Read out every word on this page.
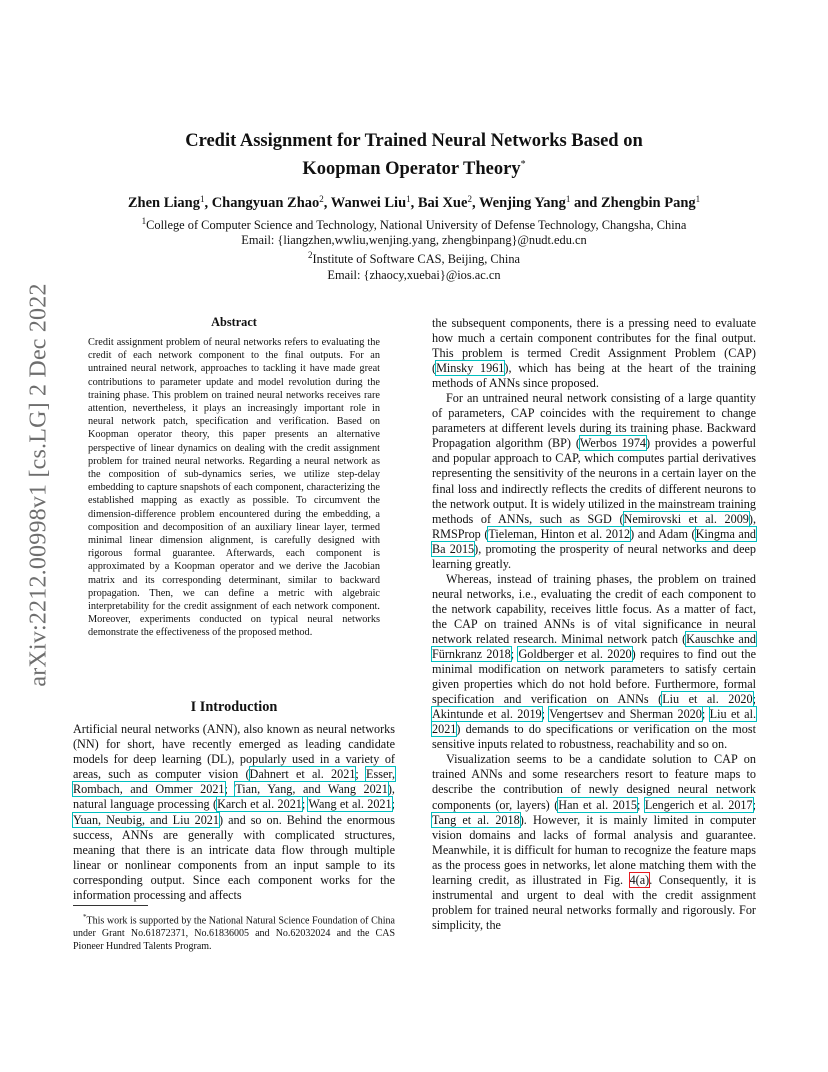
arXiv:2212.00998v1 [cs.LG] 2 Dec 2022
Credit Assignment for Trained Neural Networks Based on
Koopman Operator Theory*
Zhen Liang$^1$, Changyuan Zhao$^2$, Wanwei Liu$^1$, Bai Xue$^2$, Wenjing Yang$^1$ and Zhengbin Pang$^1$
$^1$College of Computer Science and Technology, National University of Defense Technology, Changsha, China
Email: {liangzhen,wwliu,wenjing.yang, zhengbinpang}@nudt.edu.cn
$^2$Institute of Software CAS, Beijing, China
Email: {zhaocy,xuebai}@ios.ac.cn
Abstract
Credit assignment problem of neural networks refers to evaluating the credit of each network component to the final outputs. For an untrained neural network, approaches to tackling it have made great contributions to parameter update and model revolution during the training phase. This problem on trained neural networks receives rare attention, nevertheless, it plays an increasingly important role in neural network patch, specification and verification. Based on Koopman operator theory, this paper presents an alternative perspective of linear dynamics on dealing with the credit assignment problem for trained neural networks. Regarding a neural network as the composition of sub-dynamics series, we utilize step-delay embedding to capture snapshots of each component, characterizing the established mapping as exactly as possible. To circumvent the dimension-difference problem encountered during the embedding, a composition and decomposition of an auxiliary linear layer, termed minimal linear dimension alignment, is carefully designed with rigorous formal guarantee. Afterwards, each component is approximated by a Koopman operator and we derive the Jacobian matrix and its corresponding determinant, similar to backward propagation. Then, we can define a metric with algebraic interpretability for the credit assignment of each network component. Moreover, experiments conducted on typical neural networks demonstrate the effectiveness of the proposed method.
I Introduction
Artificial neural networks (ANN), also known as neural networks (NN) for short, have recently emerged as leading candidate models for deep learning (DL), popularly used in a variety of areas, such as computer vision (Dahnert et al. 2021; Esser, Rombach, and Ommer 2021; Tian, Yang, and Wang 2021), natural language processing (Karch et al. 2021; Wang et al. 2021; Yuan, Neubig, and Liu 2021) and so on. Behind the enormous success, ANNs are generally with complicated structures, meaning that there is an intricate data flow through multiple linear or nonlinear components from an input sample to its corresponding output. Since each component works for the information processing and affects

*This work is supported by the National Natural Science Foundation of China under Grant No.61872371, No.61836005 and No.62032024 and the CAS Pioneer Hundred Talents Program.

the subsequent components, there is a pressing need to evaluate how much a certain component contributes for the final output. This problem is termed Credit Assignment Problem (CAP) (Minsky 1961), which has being at the heart of the training methods of ANNs since proposed.

For an untrained neural network consisting of a large quantity of parameters, CAP coincides with the requirement to change parameters at different levels during its training phase. Backward Propagation algorithm (BP) (Werbos 1974) provides a powerful and popular approach to CAP, which computes partial derivatives representing the sensitivity of the neurons in a certain layer on the final loss and indirectly reflects the credits of different neurons to the network output. It is widely utilized in the mainstream training methods of ANNs, such as SGD (Nemirovski et al. 2009), RMSProp (Tieleman, Hinton et al. 2012) and Adam (Kingma and Ba 2015), promoting the prosperity of neural networks and deep learning greatly.

Whereas, instead of training phases, the problem on trained neural networks, i.e., evaluating the credit of each component to the network capability, receives little focus. As a matter of fact, the CAP on trained ANNs is of vital significance in neural network related research. Minimal network patch (Kauschke and Fürnkranz 2018; Goldberger et al. 2020) requires to find out the minimal modification on network parameters to satisfy certain given properties which do not hold before. Furthermore, formal specification and verification on ANNs (Liu et al. 2020; Akintunde et al. 2019; Vengertsev and Sherman 2020; Liu et al. 2021) demands to do specifications or verification on the most sensitive inputs related to robustness, reachability and so on.

Visualization seems to be a candidate solution to CAP on trained ANNs and some researchers resort to feature maps to describe the contribution of newly designed neural network components (or, layers) (Han et al. 2015; Lengerich et al. 2017; Tang et al. 2018). However, it is mainly limited in computer vision domains and lacks of formal analysis and guarantee. Meanwhile, it is difficult for human to recognize the feature maps as the process goes in networks, let alone matching them with the learning credit, as illustrated in Fig. 4(a). Consequently, it is instrumental and urgent to deal with the credit assignment problem for trained neural networks formally and rigorously. For simplicity, the
